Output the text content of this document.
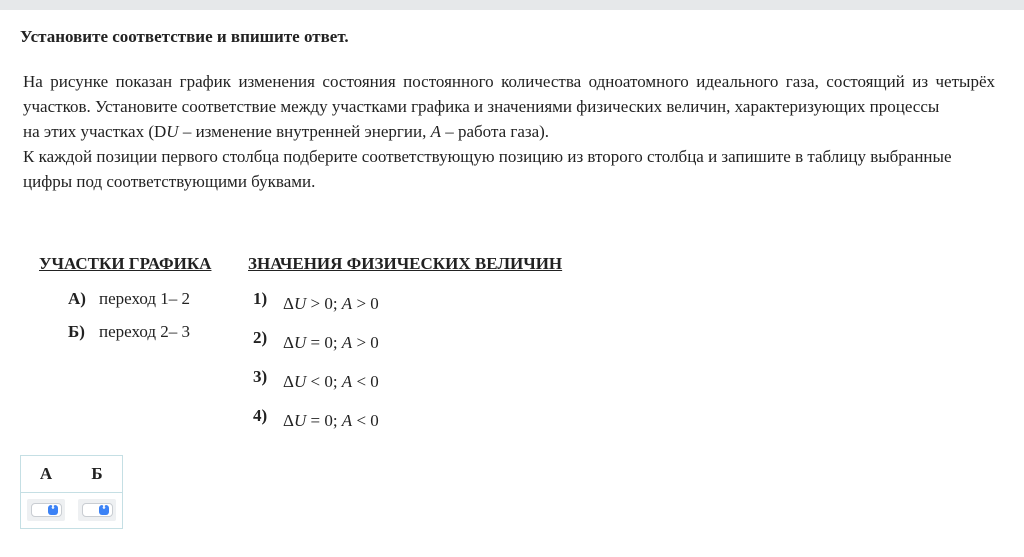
Установите соответствие и впишите ответ.

На рисунке показан график изменения состояния постоянного количества одноатомного идеального газа, состоящий из четырёх участков. Установите соответствие между участками графика и значениями физических величин, характеризующих процессы

на этих участках (DU – изменение внутренней энергии, A – работа газа).

К каждой позиции первого столбца подберите соответствующую позицию из второго столбца и запишите в таблицу выбранные цифры под соответствующими буквами.

УЧАСТКИ ГРАФИКА ЗНАЧЕНИЯ ФИЗИЧЕСКИХ ВЕЛИЧИН
А) переход 1– 2
Б) переход 2– 3
1) ΔU > 0; A > 0
2) ΔU = 0; A > 0
3) ΔU < 0; A < 0
4) ΔU = 0; A < 0
А	Б
⬍	⬍
